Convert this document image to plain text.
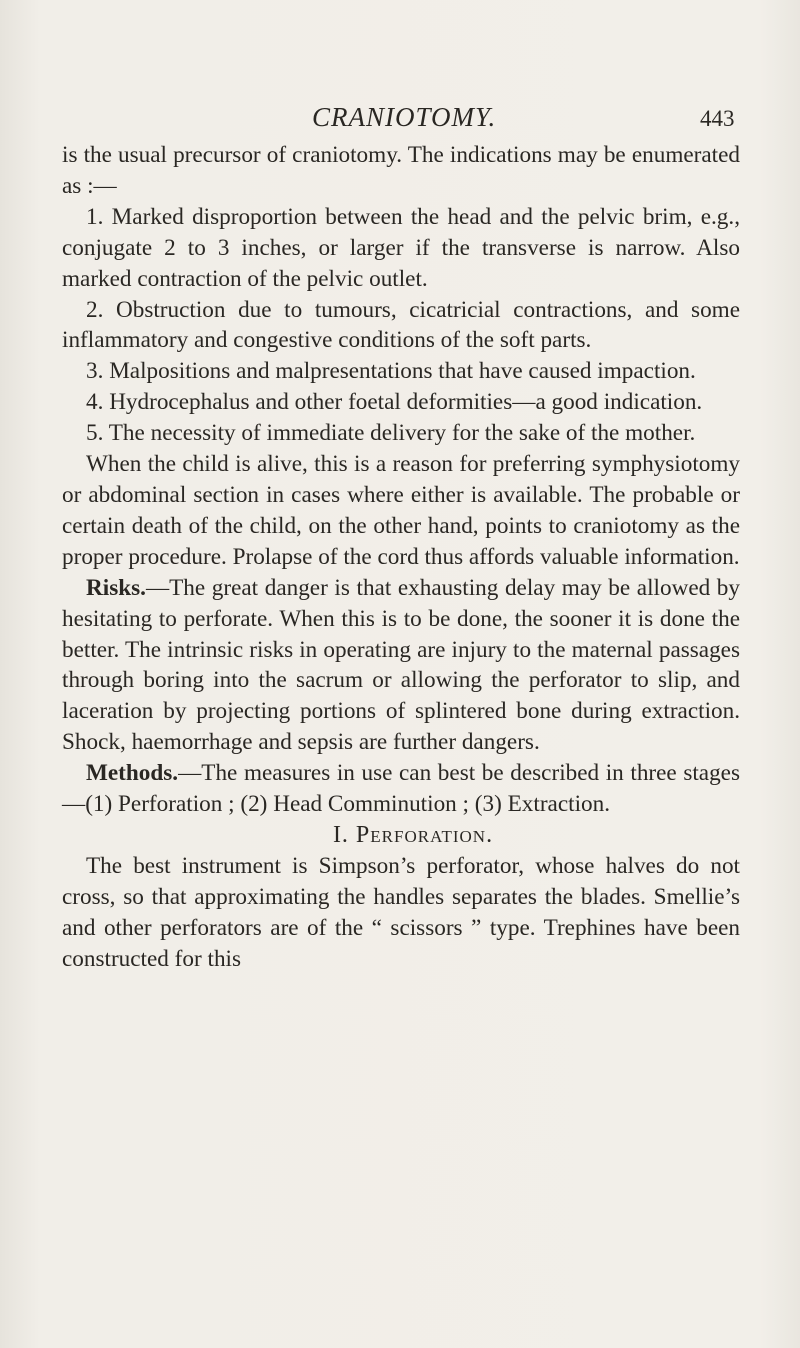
CRANIOTOMY.	443

is the usual precursor of craniotomy. The indications may be enumerated as :—

1. Marked disproportion between the head and the pelvic brim, e.g., conjugate 2 to 3 inches, or larger if the transverse is narrow. Also marked contraction of the pelvic outlet.

2. Obstruction due to tumours, cicatricial contractions, and some inflammatory and congestive conditions of the soft parts.

3. Malpositions and malpresentations that have caused impaction.

4. Hydrocephalus and other foetal deformities—a good indication.

5. The necessity of immediate delivery for the sake of the mother.

When the child is alive, this is a reason for preferring symphysiotomy or abdominal section in cases where either is available. The probable or certain death of the child, on the other hand, points to craniotomy as the proper procedure. Prolapse of the cord thus affords valuable information.

Risks.—The great danger is that exhausting delay may be allowed by hesitating to perforate. When this is to be done, the sooner it is done the better. The intrinsic risks in operating are injury to the maternal passages through boring into the sacrum or allowing the perforator to slip, and laceration by projecting portions of splintered bone during extraction. Shock, haemorrhage and sepsis are further dangers.

Methods.—The measures in use can best be described in three stages—(1) Perforation ; (2) Head Comminution ; (3) Extraction.

I. Perforation.

The best instrument is Simpson’s perforator, whose halves do not cross, so that approximating the handles separates the blades. Smellie’s and other perforators are of the “ scissors ” type. Trephines have been constructed for this
